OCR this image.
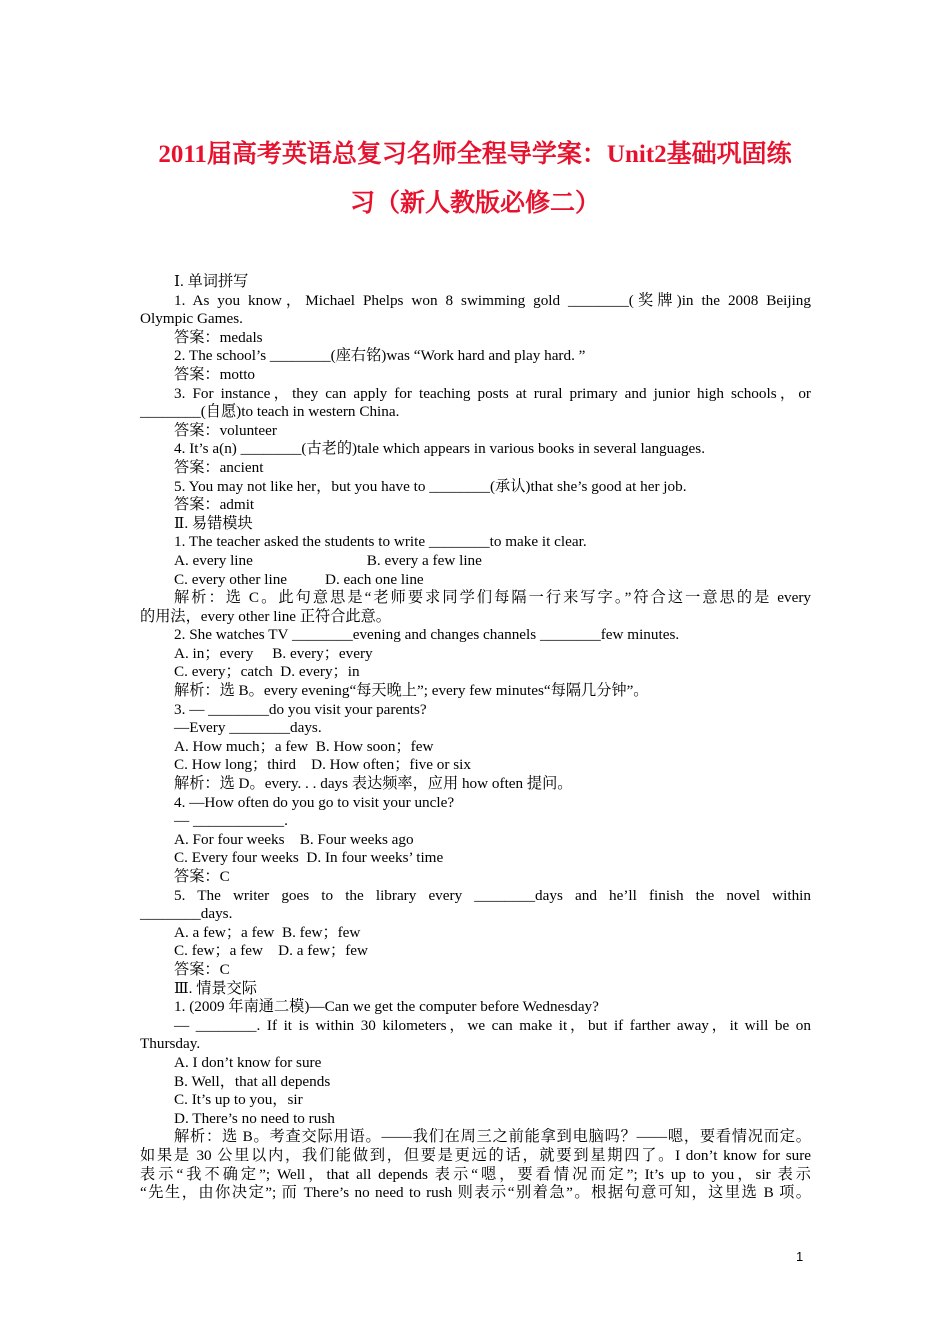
2011届高考英语总复习名师全程导学案：Unit2基础巩固练
习（新人教版必修二）
Ⅰ. 单词拼写
1. As you know，Michael Phelps won 8 swimming gold ________(奖牌)in the 2008 Beijing
Olympic Games.
答案：medals
2. The school’s ________(座右铭)was “Work hard and play hard. ”
答案：motto
3. For instance，they can apply for teaching posts at rural primary and junior high schools，or
________(自愿)to teach in western China.
答案：volunteer
4. It’s a(n) ________(古老的)tale which appears in various books in several languages.
答案：ancient
5. You may not like her，but you have to ________(承认)that she’s good at her job.
答案：admit
Ⅱ. 易错模块
1. The teacher asked the students to write ________to make it clear.
A. every line                              B. every a few line
C. every other line          D. each one line
解析：选 C。此句意思是“老师要求同学们每隔一行来写字。”符合这一意思的是 every
的用法，every other line 正符合此意。
2. She watches TV ________evening and changes channels ________few minutes.
A. in；every     B. every；every
C. every；catch  D. every；in
解析：选 B。every evening“每天晚上”; every few minutes“每隔几分钟”。
3. — ________do you visit your parents?
—Every ________days.
A. How much；a few  B. How soon；few
C. How long；third    D. How often；five or six
解析：选 D。every. . . days 表达频率，应用 how often 提问。
4. —How often do you go to visit your uncle?
— ____________.
A. For four weeks    B. Four weeks ago
C. Every four weeks  D. In four weeks’ time
答案：C
5. The writer goes to the library every ________days and he’ll finish the novel within
________days.
A. a few；a few  B. few；few
C. few；a few    D. a few；few
答案：C
Ⅲ. 情景交际
1. (2009 年南通二模)—Can we get the computer before Wednesday?
— ________. If it is within 30 kilometers，we can make it，but if farther away，it will be on
Thursday.
A. I don’t know for sure
B. Well，that all depends
C. It’s up to you，sir
D. There’s no need to rush
解析：选 B。考查交际用语。——我们在周三之前能拿到电脑吗？——嗯，要看情况而定。
如果是 30 公里以内，我们能做到，但要是更远的话，就要到星期四了。I don’t know for sure
表示“我不确定”; Well，that all depends 表示“嗯，要看情况而定”; It’s up to you，sir 表示
“先生，由你决定”; 而 There’s no need to rush 则表示“别着急”。根据句意可知，这里选 B 项。
1
